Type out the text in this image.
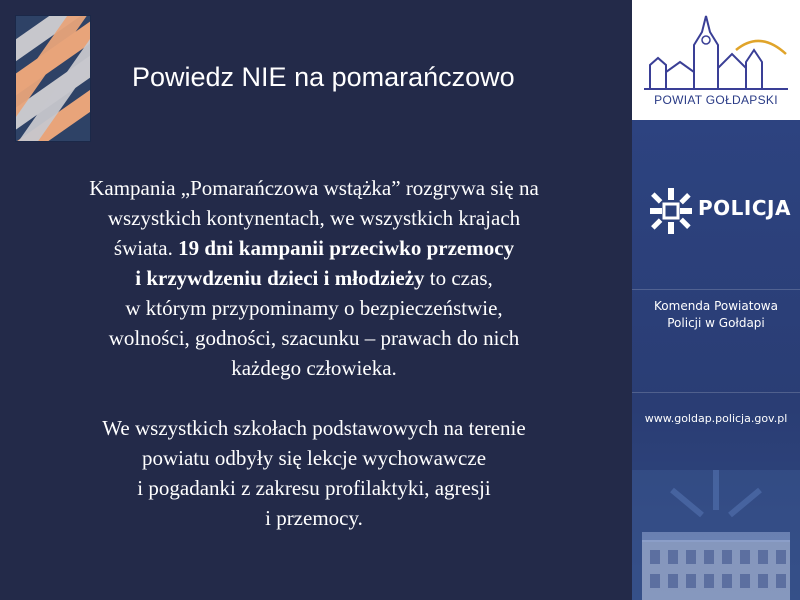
Powiedz NIE na pomarańczowo
Kampania „Pomarańczowa wstążka” rozgrywa się na
wszystkich kontynentach, we wszystkich krajach
świata. 19 dni kampanii przeciwko przemocy
i krzywdzeniu dzieci i młodzieży to czas,
w którym przypominamy o bezpieczeństwie,
wolności, godności, szacunku – prawach do nich
każdego człowieka.
We wszystkich szkołach podstawowych na terenie
powiatu odbyły się lekcje wychowawcze
i pogadanki z zakresu profilaktyki, agresji
i przemocy.
POWIAT GOŁDAPSKI
POLICJA
Komenda Powiatowa
Policji w Gołdapi
www.goldap.policja.gov.pl
